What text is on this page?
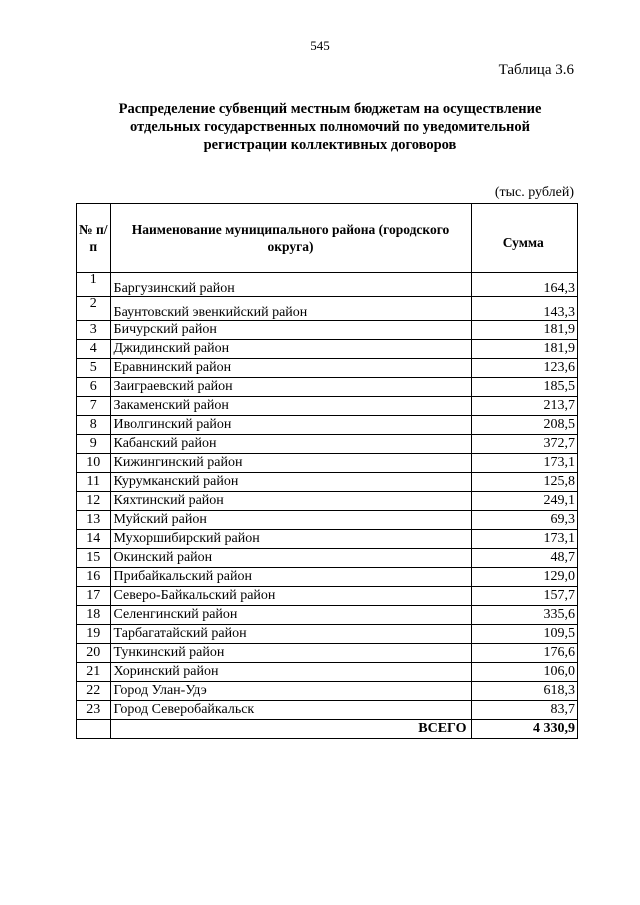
545
Таблица 3.6
Распределение субвенций местным бюджетам на осуществление
отдельных государственных полномочий по уведомительной
регистрации коллективных договоров
(тыс. рублей)
№ п/п	Наименование муниципального района (городского округа)	Сумма
1	Баргузинский район	164,3
2	Баунтовский эвенкийский район	143,3
3	Бичурский район	181,9
4	Джидинский район	181,9
5	Еравнинский район	123,6
6	Заиграевский район	185,5
7	Закаменский район	213,7
8	Иволгинский район	208,5
9	Кабанский район	372,7
10	Кижингинский район	173,1
11	Курумканский район	125,8
12	Кяхтинский район	249,1
13	Муйский район	69,3
14	Мухоршибирский район	173,1
15	Окинский район	48,7
16	Прибайкальский район	129,0
17	Северо-Байкальский район	157,7
18	Селенгинский район	335,6
19	Тарбагатайский район	109,5
20	Тункинский район	176,6
21	Хоринский район	106,0
22	Город Улан-Удэ	618,3
23	Город Северобайкальск	83,7
	ВСЕГО	4 330,9
